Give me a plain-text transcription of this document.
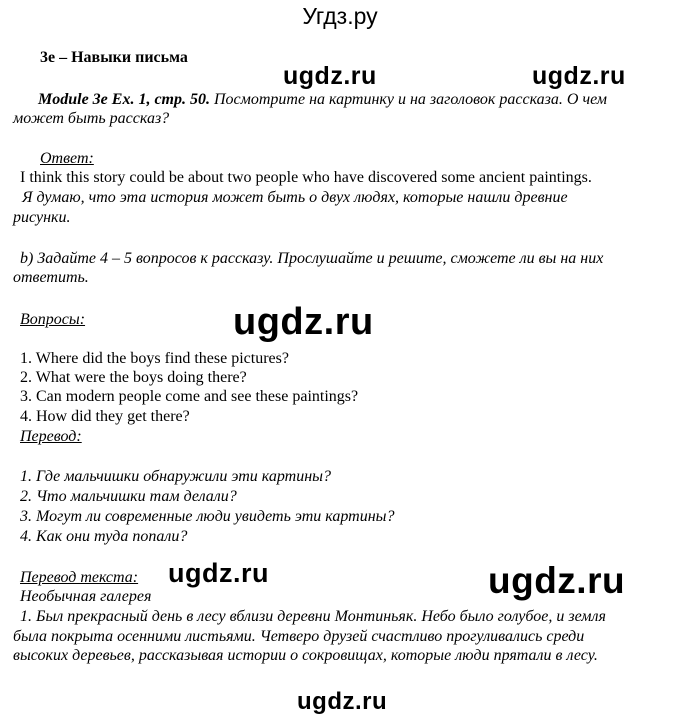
Угдз.ру
ugdz.ru	ugdz.ru
ugdz.ru
ugdz.ru	ugdz.ru
ugdz.ru
3e – Навыки письма
Module 3e Ex. 1, стр. 50. Посмотрите на картинку и на заголовок рассказа. О чем
может быть рассказ?
Ответ:
I think this story could be about two people who have discovered some ancient paintings.
Я думаю, что эта история может быть о двух людях, которые нашли древние
рисунки.
b) Задайте 4 – 5 вопросов к рассказу. Прослушайте и решите, сможете ли вы на них
ответить.
Вопросы:
1. Where did the boys find these pictures?
2. What were the boys doing there?
3. Can modern people come and see these paintings?
4. How did they get there?
Перевод:
1. Где мальчишки обнаружили эти картины?
2. Что мальчишки там делали?
3. Могут ли современные люди увидеть эти картины?
4. Как они туда попали?
Перевод текста:
Необычная галерея
1. Был прекрасный день в лесу вблизи деревни Монтиньяк. Небо было голубое, и земля
была покрыта осенними листьями. Четверо друзей счастливо прогуливались среди
высоких деревьев, рассказывая истории о сокровищах, которые люди прятали в лесу.
